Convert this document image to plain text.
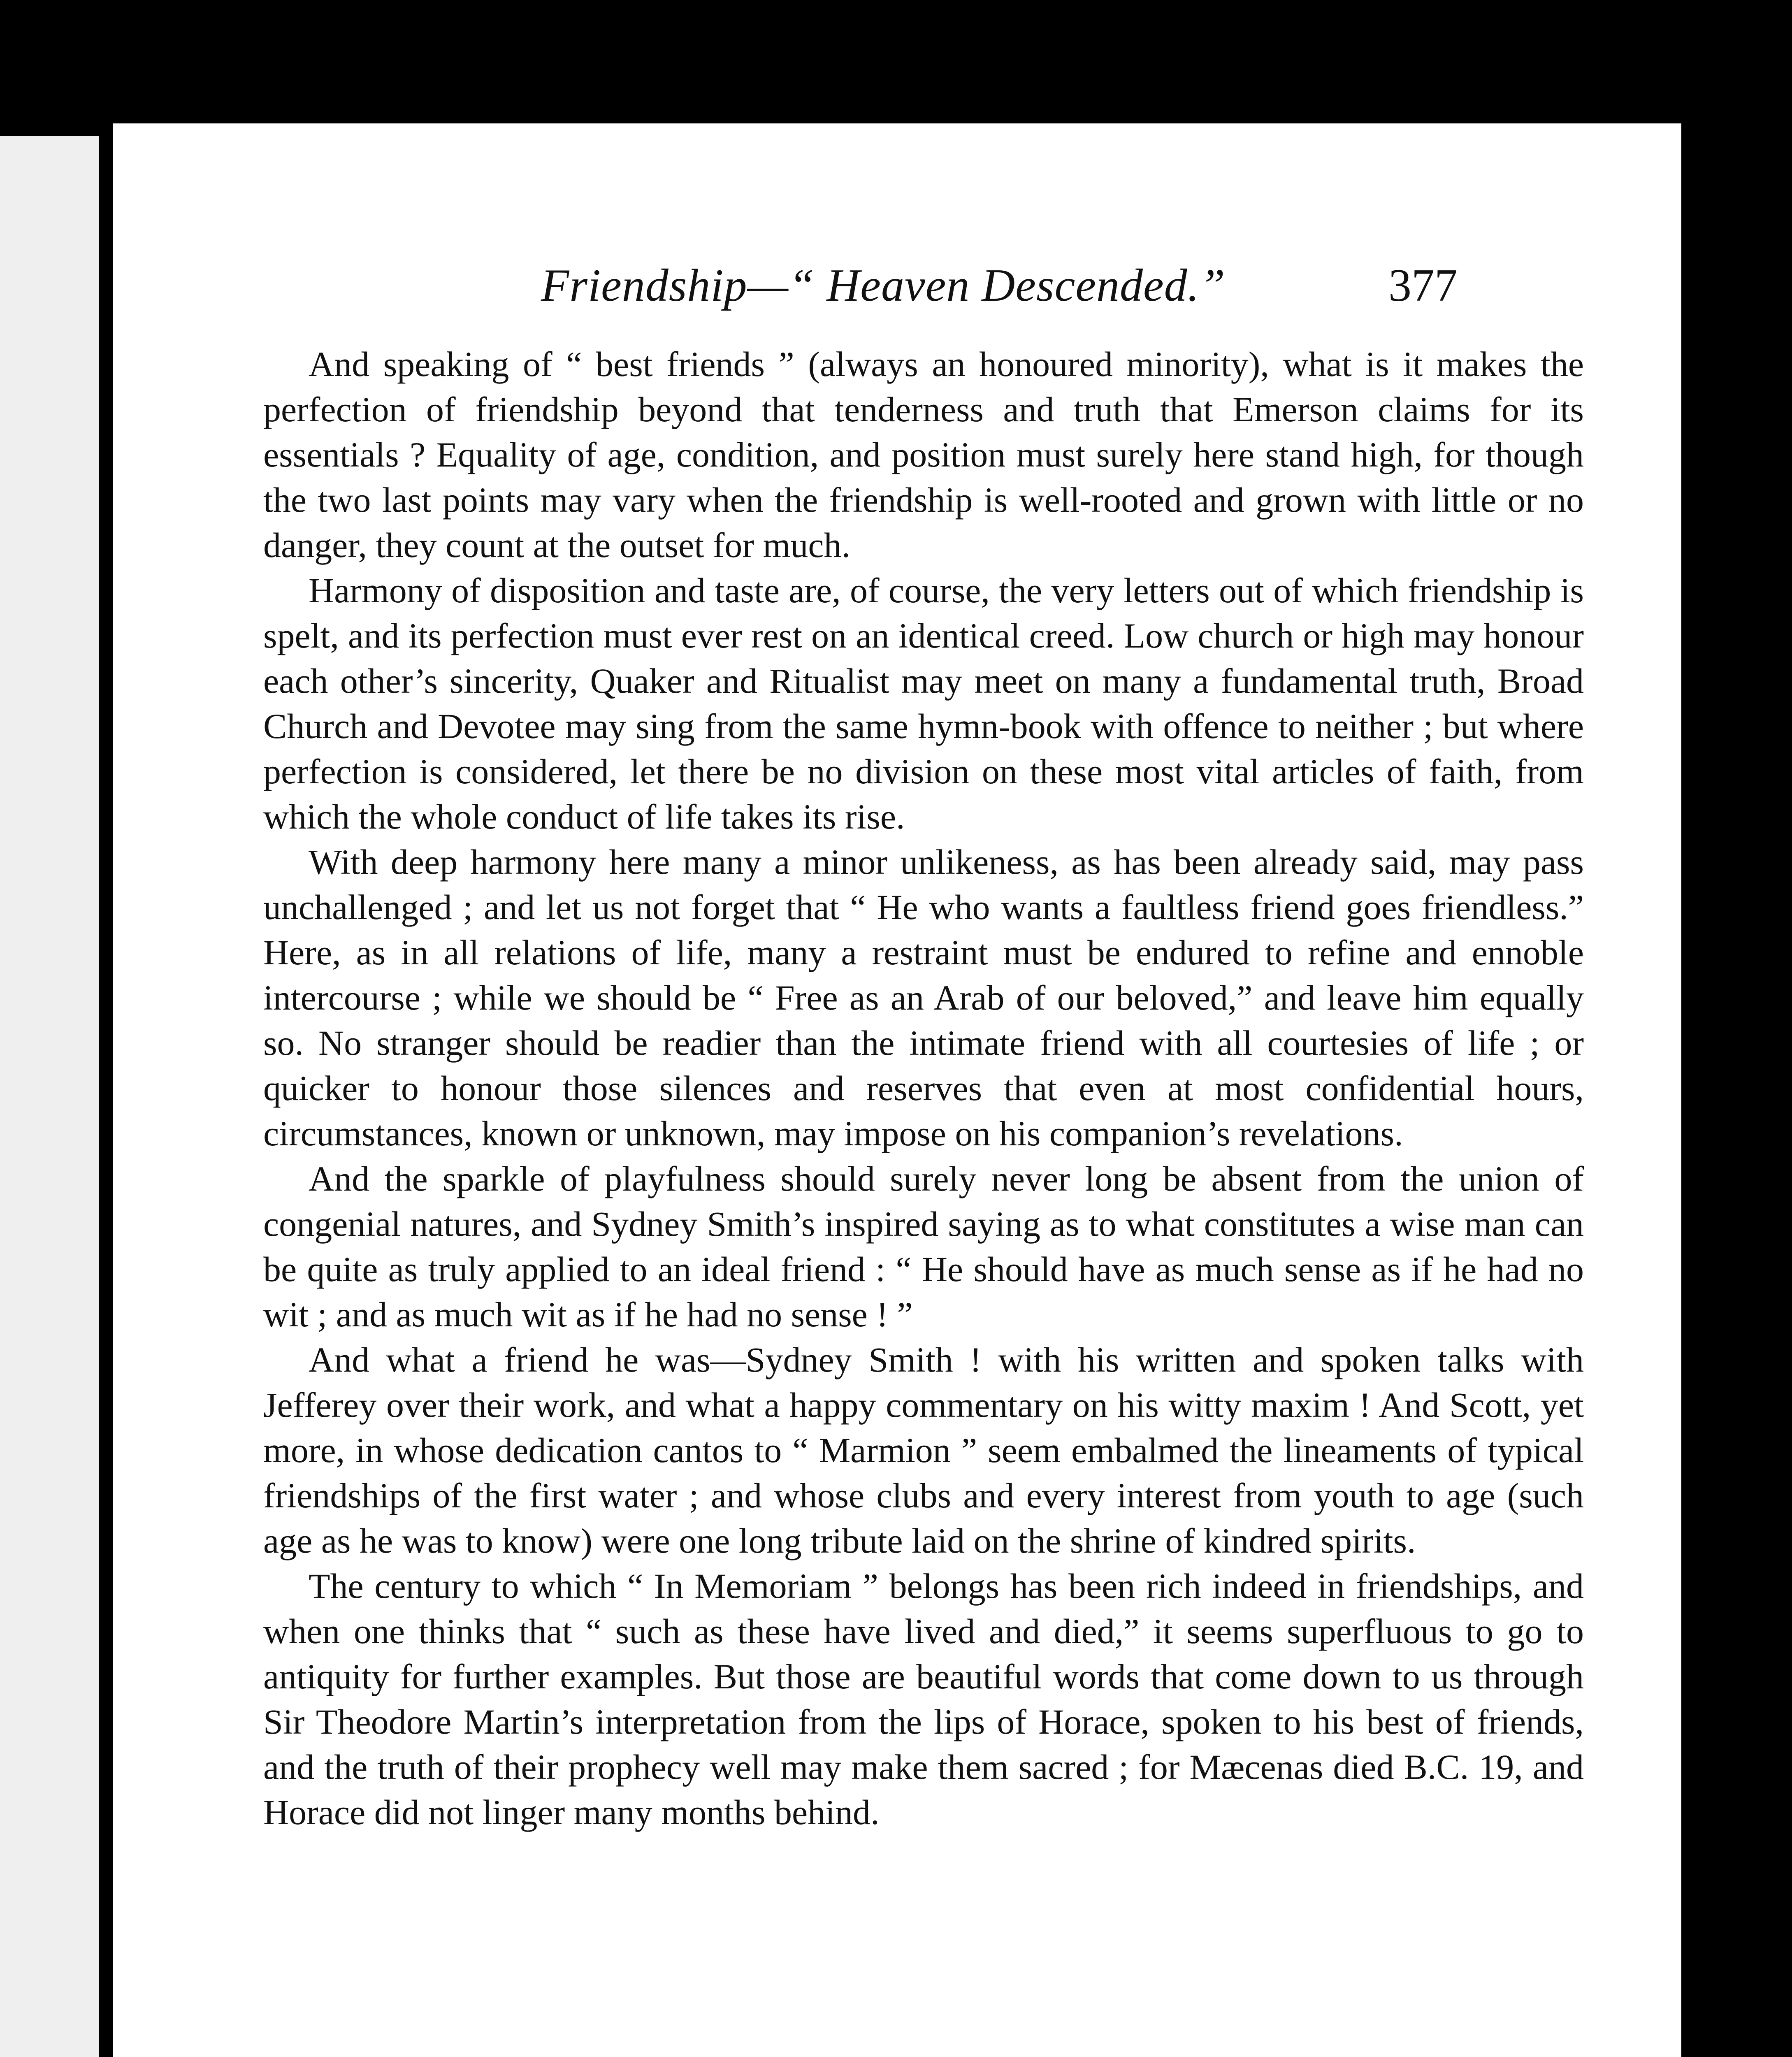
Friendship—“ Heaven Descended.”	377

And speaking of “ best friends ” (always an honoured minority), what is it makes the perfection of friendship beyond that tenderness and truth that Emerson claims for its essentials ? Equality of age, condition, and position must surely here stand high, for though the two last points may vary when the friendship is well-rooted and grown with little or no danger, they count at the outset for much.

Harmony of disposition and taste are, of course, the very letters out of which friendship is spelt, and its perfection must ever rest on an identical creed. Low church or high may honour each other’s sincerity, Quaker and Ritualist may meet on many a fundamental truth, Broad Church and Devotee may sing from the same hymn-book with offence to neither ; but where perfection is considered, let there be no division on these most vital articles of faith, from which the whole conduct of life takes its rise.

With deep harmony here many a minor unlikeness, as has been already said, may pass unchallenged ; and let us not forget that “ He who wants a faultless friend goes friendless.” Here, as in all relations of life, many a restraint must be endured to refine and ennoble intercourse ; while we should be “ Free as an Arab of our beloved,” and leave him equally so. No stranger should be readier than the intimate friend with all courtesies of life ; or quicker to honour those silences and reserves that even at most confidential hours, circumstances, known or unknown, may impose on his companion’s revelations.

And the sparkle of playfulness should surely never long be absent from the union of congenial natures, and Sydney Smith’s inspired saying as to what constitutes a wise man can be quite as truly applied to an ideal friend : “ He should have as much sense as if he had no wit ; and as much wit as if he had no sense ! ”

And what a friend he was—Sydney Smith ! with his written and spoken talks with Jefferey over their work, and what a happy commentary on his witty maxim ! And Scott, yet more, in whose dedication cantos to “ Marmion ” seem embalmed the lineaments of typical friendships of the first water ; and whose clubs and every interest from youth to age (such age as he was to know) were one long tribute laid on the shrine of kindred spirits.

The century to which “ In Memoriam ” belongs has been rich indeed in friendships, and when one thinks that “ such as these have lived and died,” it seems superfluous to go to antiquity for further examples. But those are beautiful words that come down to us through Sir Theodore Martin’s interpretation from the lips of Horace, spoken to his best of friends, and the truth of their prophecy well may make them sacred ; for Mæcenas died B.C. 19, and Horace did not linger many months behind.
